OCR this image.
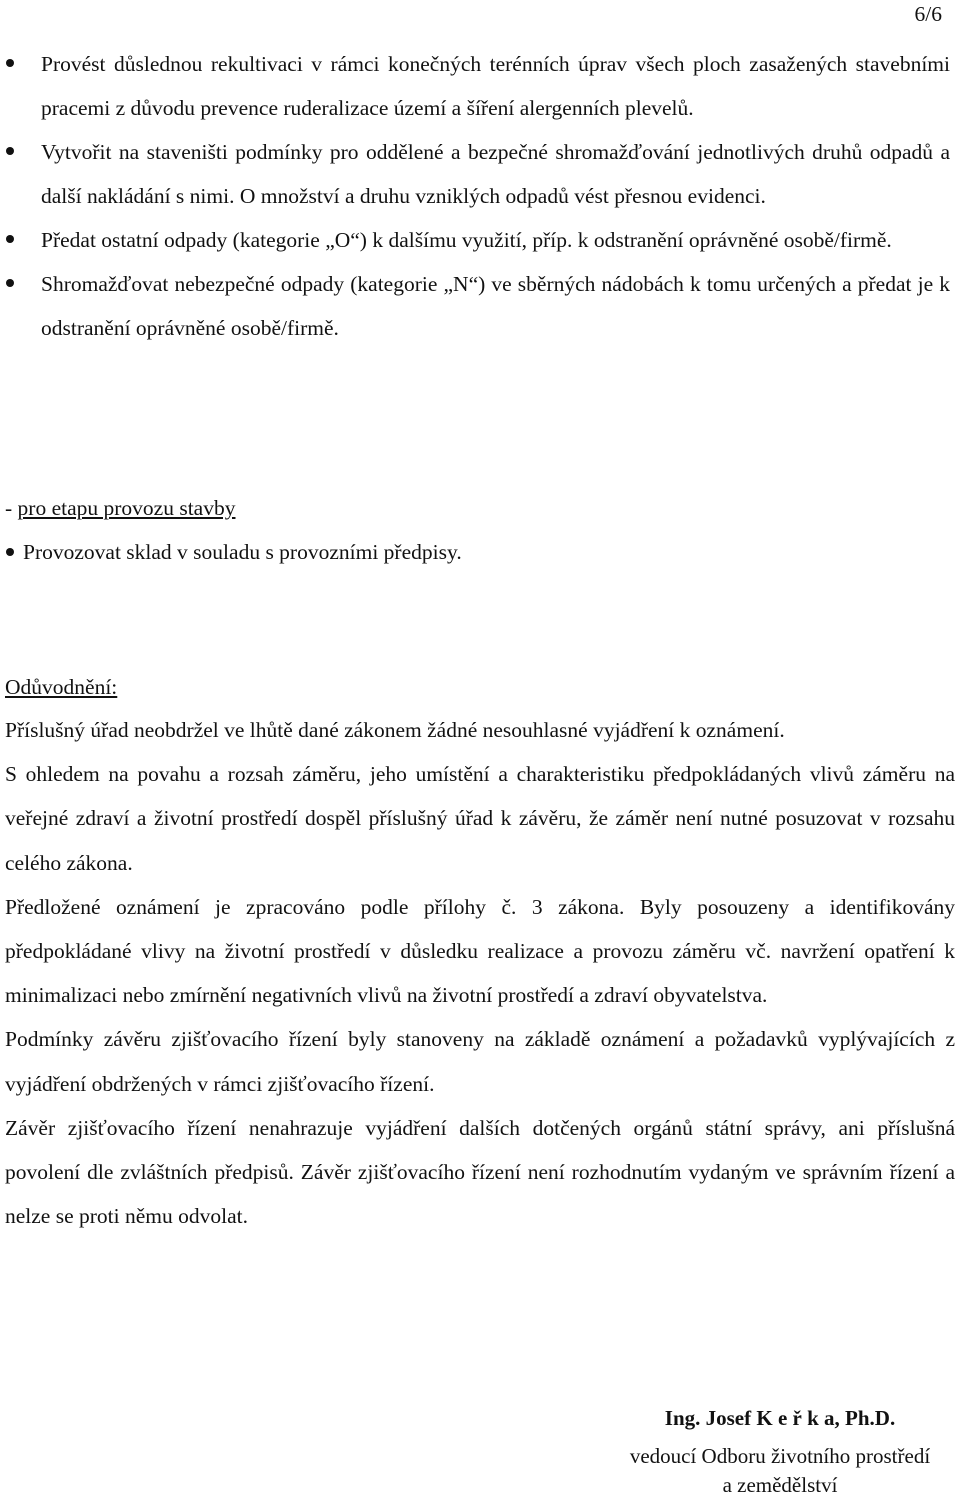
6/6
Provést důslednou rekultivaci v rámci konečných terénních úprav všech ploch zasažených stavebními pracemi z důvodu prevence ruderalizace území a šíření alergenních plevelů.
Vytvořit na staveništi podmínky pro oddělené a bezpečné shromažďování jednotlivých druhů odpadů a další nakládání s nimi. O množství a druhu vzniklých odpadů vést přesnou evidenci.
Předat ostatní odpady (kategorie „O“) k dalšímu využití, příp. k odstranění oprávněné osobě/firmě.
Shromažďovat nebezpečné odpady (kategorie „N“) ve sběrných nádobách k tomu určených a předat je k odstranění oprávněné osobě/firmě.
- pro etapu provozu stavby
Provozovat sklad v souladu s provozními předpisy.
Odůvodnění:

Příslušný úřad neobdržel ve lhůtě dané zákonem žádné nesouhlasné vyjádření k oznámení.

S ohledem na povahu a rozsah záměru, jeho umístění a charakteristiku předpokládaných vlivů záměru na veřejné zdraví a životní prostředí dospěl příslušný úřad k závěru, že záměr není nutné posuzovat v rozsahu celého zákona.

Předložené oznámení je zpracováno podle přílohy č. 3 zákona. Byly posouzeny a identifikovány předpokládané vlivy na životní prostředí v důsledku realizace a provozu záměru vč. navržení opatření k minimalizaci nebo zmírnění negativních vlivů na životní prostředí a zdraví obyvatelstva.

Podmínky závěru zjišťovacího řízení byly stanoveny na základě oznámení a požadavků vyplývajících z vyjádření obdržených v rámci zjišťovacího řízení.

Závěr zjišťovacího řízení nenahrazuje vyjádření dalších dotčených orgánů státní správy, ani příslušná povolení dle zvláštních předpisů. Závěr zjišťovacího řízení není rozhodnutím vydaným ve správním řízení a nelze se proti němu odvolat.

Ing. Josef K e ř k a, Ph.D.
vedoucí Odboru životního prostředí
a zemědělství
